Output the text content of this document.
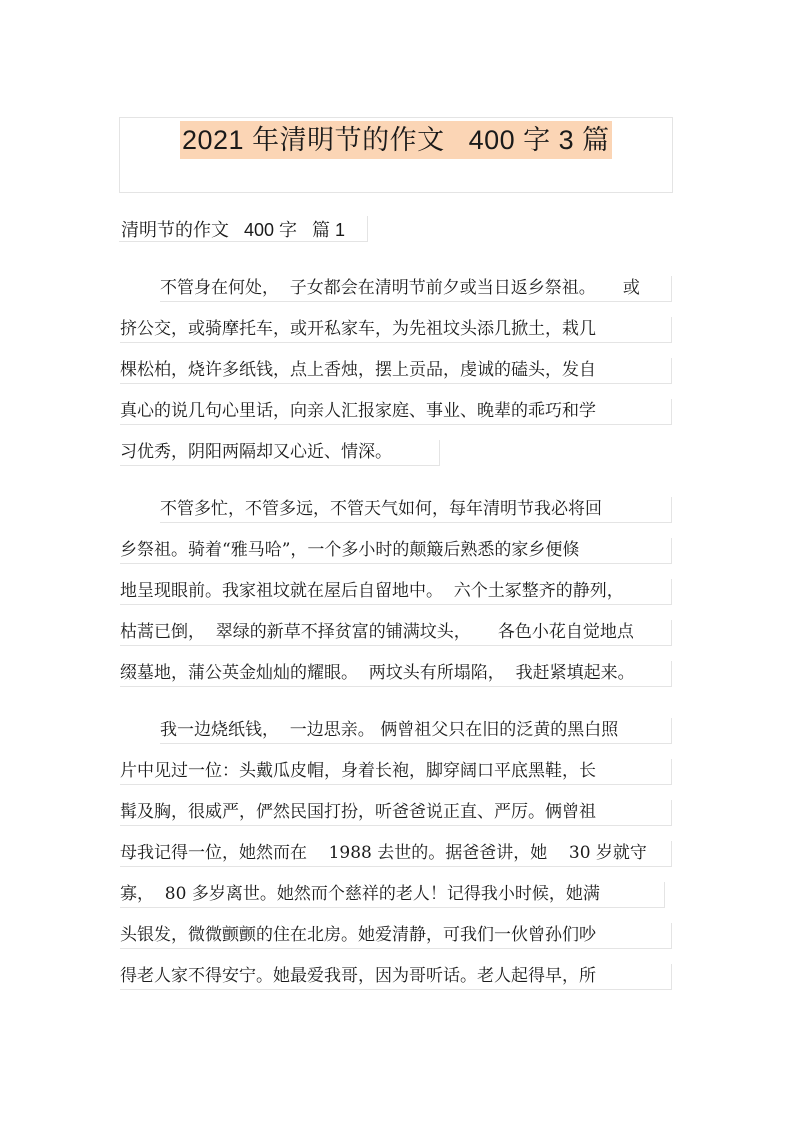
2021 年清明节的作文   400 字 3 篇
清明节的作文   400 字   篇 1
不管身在何处，  子女都会在清明节前夕或当日返乡祭祖。     或
挤公交，或骑摩托车，或开私家车，为先祖坟头添几掀土，栽几
棵松柏，烧许多纸钱，点上香烛，摆上贡品，虔诚的磕头，发自
真心的说几句心里话，向亲人汇报家庭、事业、晚辈的乖巧和学
习优秀，阴阳两隔却又心近、情深。
不管多忙，不管多远，不管天气如何，每年清明节我必将回
乡祭祖。骑着“雅马哈”，一个多小时的颠簸后熟悉的家乡便倏
地呈现眼前。我家祖坟就在屋后自留地中。  六个土冢整齐的静列，
枯蒿已倒，  翠绿的新草不择贫富的铺满坟头，     各色小花自觉地点
缀墓地，蒲公英金灿灿的耀眼。  两坟头有所塌陷，  我赶紧填起来。
我一边烧纸钱，  一边思亲。 俩曾祖父只在旧的泛黄的黑白照
片中见过一位：头戴瓜皮帽，身着长袍，脚穿阔口平底黑鞋，长
髯及胸，很威严，俨然民国打扮，听爸爸说正直、严厉。俩曾祖
母我记得一位，她然而在    1988 去世的。据爸爸讲，她    30 岁就守
寡，  80 多岁离世。她然而个慈祥的老人！记得我小时候，她满
头银发，微微颤颤的住在北房。她爱清静，可我们一伙曾孙们吵
得老人家不得安宁。她最爱我哥，因为哥听话。老人起得早，所
